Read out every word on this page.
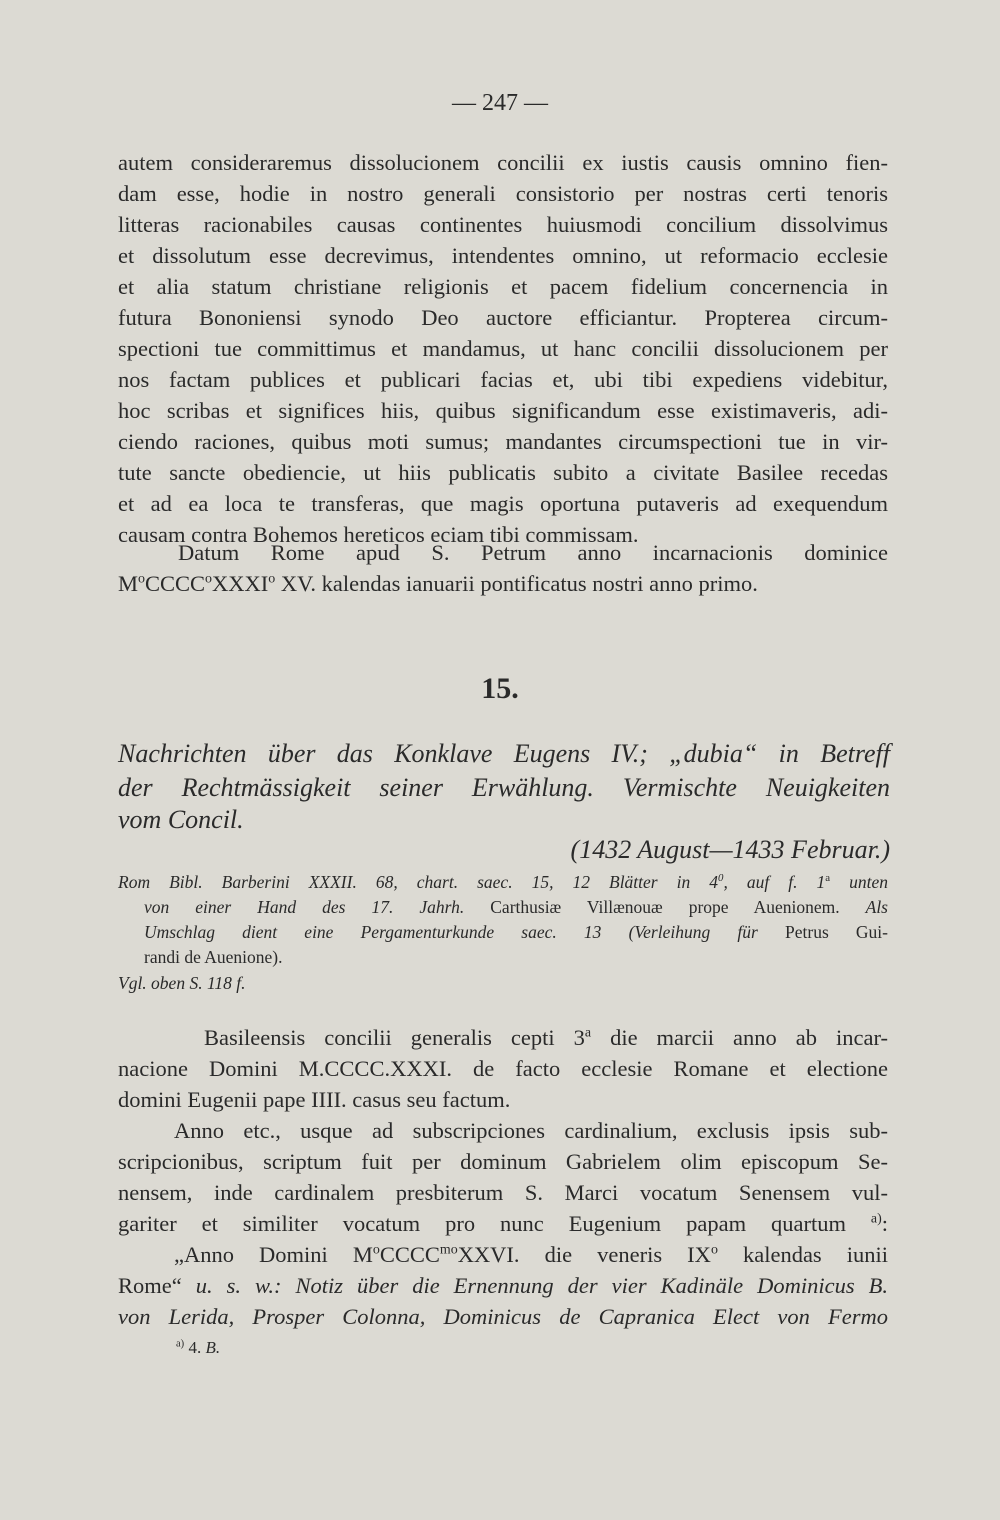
— 247 —
autem consideraremus dissolucionem concilii ex iustis causis omnino fien-
dam esse, hodie in nostro generali consistorio per nostras certi tenoris
litteras racionabiles causas continentes huiusmodi concilium dissolvimus
et dissolutum esse decrevimus, intendentes omnino, ut reformacio ecclesie
et alia statum christiane religionis et pacem fidelium concernencia in
futura Bononiensi synodo Deo auctore efficiantur. Propterea circum-
spectioni tue committimus et mandamus, ut hanc concilii dissolucionem per
nos factam publices et publicari facias et, ubi tibi expediens videbitur,
hoc scribas et significes hiis, quibus significandum esse existimaveris, adi-
ciendo raciones, quibus moti sumus; mandantes circumspectioni tue in vir-
tute sancte obediencie, ut hiis publicatis subito a civitate Basilee recedas
et ad ea loca te transferas, que magis oportuna putaveris ad exequendum
causam contra Bohemos hereticos eciam tibi commissam.
Datum Rome apud S. Petrum anno incarnacionis dominice
$M^oCCCC^oXXXI^o$ XV. kalendas ianuarii pontificatus nostri anno primo.
15.
Nachrichten über das Konklave Eugens IV.; „dubia“ in Betreff
der Rechtmässigkeit seiner Erwählung. Vermischte Neuigkeiten
vom Concil.
(1432 August—1433 Februar.)
Rom Bibl. Barberini XXXII. 68, chart. saec. 15, 12 Blätter in $4^0$, auf f. 1$^a$ unten
von einer Hand des 17. Jahrh. Carthusiæ Villænouæ prope Auenionem. Als
Umschlag dient eine Pergamenturkunde saec. 13 (Verleihung für Petrus Gui-
randi de Auenione).
Vgl. oben S. 118 f.
Basileensis concilii generalis cepti 3$^a$ die marcii anno ab incar-
nacione Domini M.CCCC.XXXI. de facto ecclesie Romane et electione
domini Eugenii pape IIII. casus seu factum.
Anno etc., usque ad subscripciones cardinalium, exclusis ipsis sub-
scripcionibus, scriptum fuit per dominum Gabrielem olim episcopum Se-
nensem, inde cardinalem presbiterum S. Marci vocatum Senensem vul-
gariter et similiter vocatum pro nunc Eugenium papam quartum $^{a)}$:
„Anno Domini $M^oCCCC^{mo}XXVI$. die veneris $IX^o$ kalendas iunii
Rome“ u. s. w.: Notiz über die Ernennung der vier Kadinäle Dominicus B.
von Lerida, Prosper Colonna, Dominicus de Capranica Elect von Fermo
$^{a)}$ 4. B.
